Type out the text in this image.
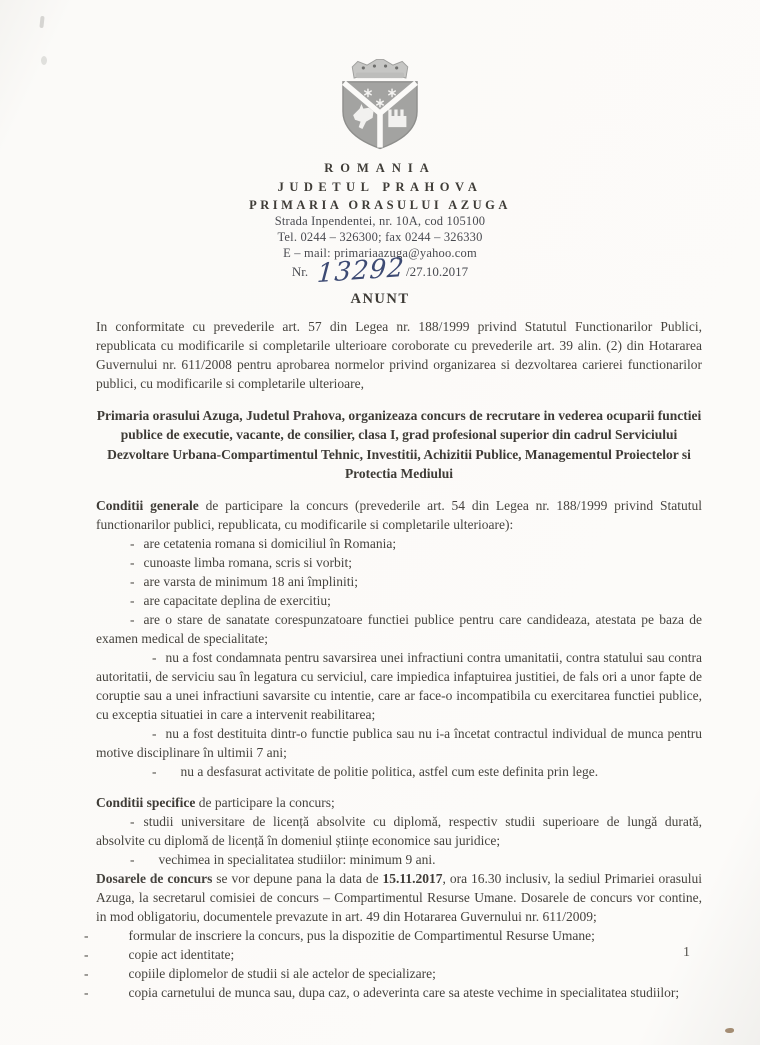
ROMANIA
JUDETUL PRAHOVA
PRIMARIA ORASULUI AZUGA
Strada Inpendentei, nr. 10A, cod 105100
Tel. 0244 – 326300; fax 0244 – 326330
E – mail: primariaazuga@yahoo.com
Nr. 13292/27.10.2017
ANUNT

In conformitate cu prevederile art. 57 din Legea nr. 188/1999 privind Statutul Functionarilor Publici, republicata cu modificarile si completarile ulterioare coroborate cu prevederile art. 39 alin. (2) din Hotararea Guvernului nr. 611/2008 pentru aprobarea normelor privind organizarea si dezvoltarea carierei functionarilor publici, cu modificarile si completarile ulterioare,

Primaria orasului Azuga, Judetul Prahova, organizeaza concurs de recrutare in vederea ocuparii functiei publice de executie, vacante, de consilier, clasa I, grad profesional superior din cadrul Serviciului Dezvoltare Urbana-Compartimentul Tehnic, Investitii, Achizitii Publice, Managementul Proiectelor si Protectia Mediului

Conditii generale de participare la concurs (prevederile art. 54 din Legea nr. 188/1999 privind Statutul functionarilor publici, republicata, cu modificarile si completarile ulterioare):

- are cetatenia romana si domiciliul în Romania;

- cunoaste limba romana, scris si vorbit;

- are varsta de minimum 18 ani împliniti;

- are capacitate deplina de exercitiu;

- are o stare de sanatate corespunzatoare functiei publice pentru care candideaza, atestata pe baza de examen medical de specialitate;

- nu a fost condamnata pentru savarsirea unei infractiuni contra umanitatii, contra statului sau contra autoritatii, de serviciu sau în legatura cu serviciul, care impiedica infaptuirea justitiei, de fals ori a unor fapte de coruptie sau a unei infractiuni savarsite cu intentie, care ar face-o incompatibila cu exercitarea functiei publice, cu exceptia situatiei in care a intervenit reabilitarea;

- nu a fost destituita dintr-o functie publica sau nu i-a încetat contractul individual de munca pentru motive disciplinare în ultimii 7 ani;

- nu a desfasurat activitate de politie politica, astfel cum este definita prin lege.

Conditii specifice de participare la concurs;

- studii universitare de licență absolvite cu diplomă, respectiv studii superioare de lungă durată, absolvite cu diplomă de licență în domeniul științe economice sau juridice;

- vechimea in specialitatea studiilor: minimum 9 ani.

Dosarele de concurs se vor depune pana la data de 15.11.2017, ora 16.30 inclusiv, la sediul Primariei orasului Azuga, la secretarul comisiei de concurs – Compartimentul Resurse Umane. Dosarele de concurs vor contine, in mod obligatoriu, documentele prevazute in art. 49 din Hotararea Guvernului nr. 611/2009;

-	formular de inscriere la concurs, pus la dispozitie de Compartimentul Resurse Umane;

-	copie act identitate;

-	copiile diplomelor de studii si ale actelor de specializare;

-	copia carnetului de munca sau, dupa caz, o adeverinta care sa ateste vechime in specialitatea studiilor;

1
